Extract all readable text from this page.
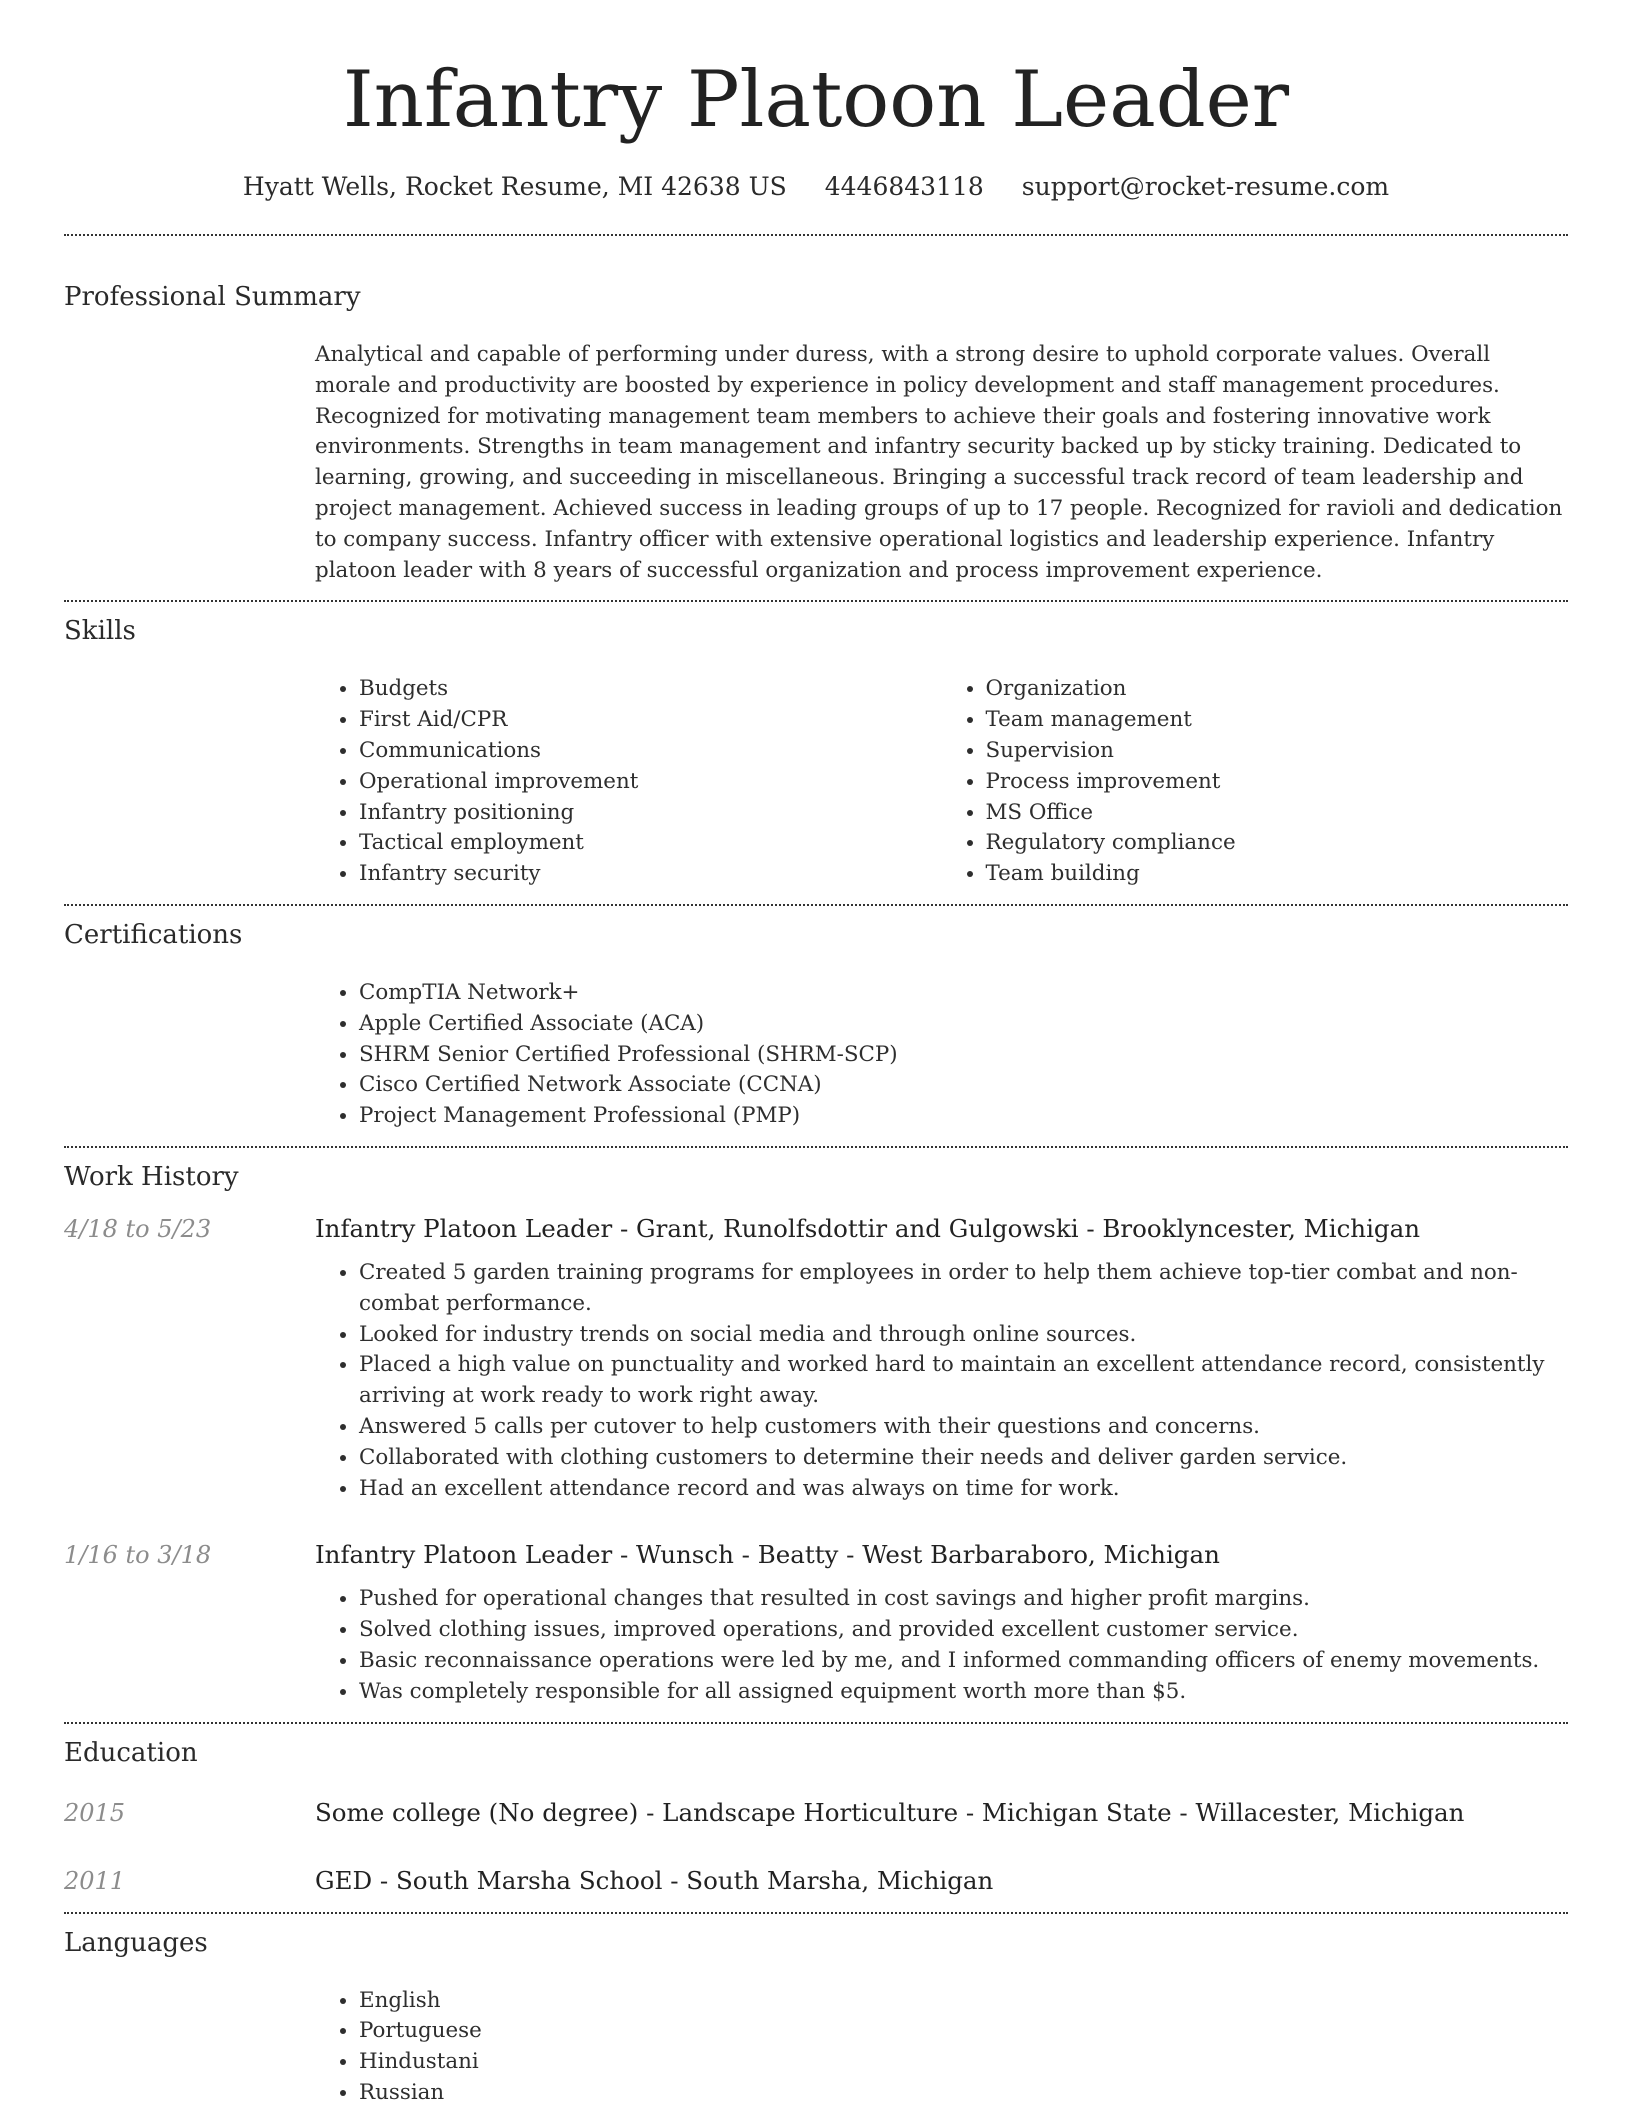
Infantry Platoon Leader
Hyatt Wells, Rocket Resume, MI 42638 US 4446843118 support@rocket-resume.com
Professional Summary
Analytical and capable of performing under duress, with a strong desire to uphold corporate values. Overall morale and productivity are boosted by experience in policy development and staff management procedures. Recognized for motivating management team members to achieve their goals and fostering innovative work environments. Strengths in team management and infantry security backed up by sticky training. Dedicated to learning, growing, and succeeding in miscellaneous. Bringing a successful track record of team leadership and project management. Achieved success in leading groups of up to 17 people. Recognized for ravioli and dedication to company success. Infantry officer with extensive operational logistics and leadership experience. Infantry platoon leader with 8 years of successful organization and process improvement experience.
Skills
• Budgets
• First Aid/CPR
• Communications
• Operational improvement
• Infantry positioning
• Tactical employment
• Infantry security
• Organization
• Team management
• Supervision
• Process improvement
• MS Office
• Regulatory compliance
• Team building
Certifications
• CompTIA Network+
• Apple Certified Associate (ACA)
• SHRM Senior Certified Professional (SHRM-SCP)
• Cisco Certified Network Associate (CCNA)
• Project Management Professional (PMP)
Work History
4/18 to 5/23	Infantry Platoon Leader - Grant, Runolfsdottir and Gulgowski - Brooklyncester, Michigan
• Created 5 garden training programs for employees in order to help them achieve top-tier combat and non-combat performance.
• Looked for industry trends on social media and through online sources.
• Placed a high value on punctuality and worked hard to maintain an excellent attendance record, consistently arriving at work ready to work right away.
• Answered 5 calls per cutover to help customers with their questions and concerns.
• Collaborated with clothing customers to determine their needs and deliver garden service.
• Had an excellent attendance record and was always on time for work.
1/16 to 3/18	Infantry Platoon Leader - Wunsch - Beatty - West Barbaraboro, Michigan
• Pushed for operational changes that resulted in cost savings and higher profit margins.
• Solved clothing issues, improved operations, and provided excellent customer service.
• Basic reconnaissance operations were led by me, and I informed commanding officers of enemy movements.
• Was completely responsible for all assigned equipment worth more than $5.
Education
2015	Some college (No degree) - Landscape Horticulture - Michigan State - Willacester, Michigan
2011	GED - South Marsha School - South Marsha, Michigan
Languages
• English
• Portuguese
• Hindustani
• Russian
